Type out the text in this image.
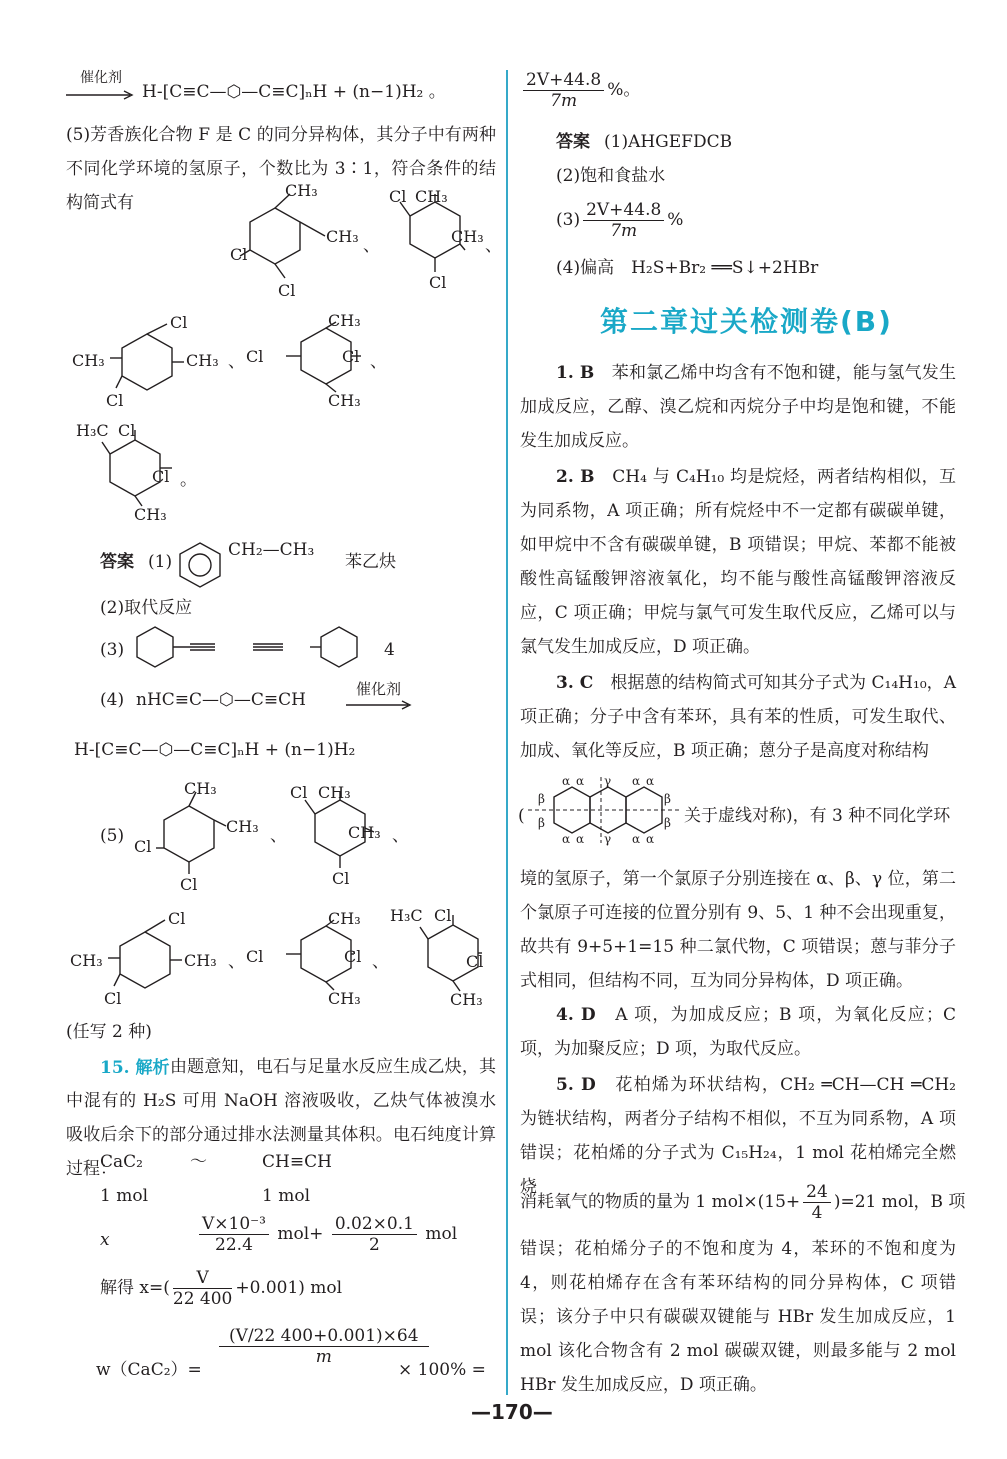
催化剂
H‑[C≡C—⬡—C≡C]ₙH + (n−1)H₂ 。
(5)芳香族化合物 F 是 C 的同分异构体，其分子中有两种不同化学环境的氢原子，个数比为 3∶1，符合条件的结构简式有
CH₃
CH₃
Cl
Cl
、
Cl CH₃
CH₃
Cl
、
Cl
CH₃	CH₃
Cl
、 Cl
CH₃
Cl
CH₃
、
H₃C Cl
Cl
CH₃
。
答案 (1)
CH₂—CH₃
苯乙炔
(2)取代反应
(3)	4
(4) nHC≡C—⬡—C≡CH
催化剂
H‑[C≡C—⬡—C≡C]ₙH + (n−1)H₂
(5)
CH₃
CH₃
Cl
Cl
、
Cl CH₃
CH₃
Cl
、
Cl
CH₃	CH₃
Cl
、 Cl
CH₃
Cl
CH₃
、
H₃C Cl
Cl
CH₃
(任写 2 种)
15. 解析 由题意知，电石与足量水反应生成乙炔，其中混有的 H₂S 可用 NaOH 溶液吸收，乙炔气体被溴水吸收后余下的部分通过排水法测量其体积。电石纯度计算过程：
CaC₂	～	CH≡CH
1 mol	1 mol
x	$\frac{\text{V×10⁻³}}{22.4} mol+ \frac{0.02\times 0.1}{2}$ mol
解得 $x=( \frac{V}{22 400} +0.001)$ mol
w（CaC₂）=
$\frac{(V/22 400+0.001)\times 64}{m}$
× 100% =
$\frac{2V+44.8}{7m}$ %。
答案 (1)AHGEFDCB
(2)饱和食盐水
$(3) \frac{2V+44.8}{7m}$ %
(4)偏高　H₂S+Br₂ ══S↓+2HBr
第二章过关检测卷(B)
1. B　 苯和氯乙烯中均含有不饱和键，能与氢气发生加成反应，乙醇、溴乙烷和丙烷分子中均是饱和键，不能发生加成反应。
2. B　 CH₄ 与 C₄H₁₀ 均是烷烃，两者结构相似，互为同系物，A 项正确；所有烷烃中不一定都有碳碳单键，如甲烷中不含有碳碳单键，B 项错误；甲烷、苯都不能被酸性高锰酸钾溶液氧化，均不能与酸性高锰酸钾溶液反应，C 项正确；甲烷与氯气可发生取代反应，乙烯可以与氯气发生加成反应，D 项正确。
3. C　 根据蒽的结构简式可知其分子式为 C₁₄H₁₀，A 项正确；分子中含有苯环，具有苯的性质，可发生取代、加成、氧化等反应，B 项正确；蒽分子是高度对称结构
(
α α γ α α
β
β
β
β
α α γ α α
关于虚线对称)，有 3 种不同化学环
境的氢原子，第一个氯原子分别连接在 α、β、γ 位，第二个氯原子可连接的位置分别有 9、5、1 种不会出现重复，故共有 9+5+1=15 种二氯代物，C 项错误；蒽与菲分子式相同，但结构不同，互为同分异构体，D 项正确。
4. D　 A 项，为加成反应；B 项，为氧化反应；C 项，为加聚反应；D 项，为取代反应。
5. D　 花柏烯为环状结构，CH₂ ═CH—CH ═CH₂ 为链状结构，两者分子结构不相似，不互为同系物，A 项错误；花柏烯的分子式为 C₁₅H₂₄，1 mol 花柏烯完全燃烧
消耗氧气的物质的量为 1 $mol\times(15+ \frac{24}{4} )=21$ mol，B 项
错误；花柏烯分子的不饱和度为 4，苯环的不饱和度为 4，则花柏烯存在含有苯环结构的同分异构体，C 项错误；该分子中只有碳碳双键能与 HBr 发生加成反应，1 mol 该化合物含有 2 mol 碳碳双键，则最多能与 2 mol HBr 发生加成反应，D 项正确。
—170—
